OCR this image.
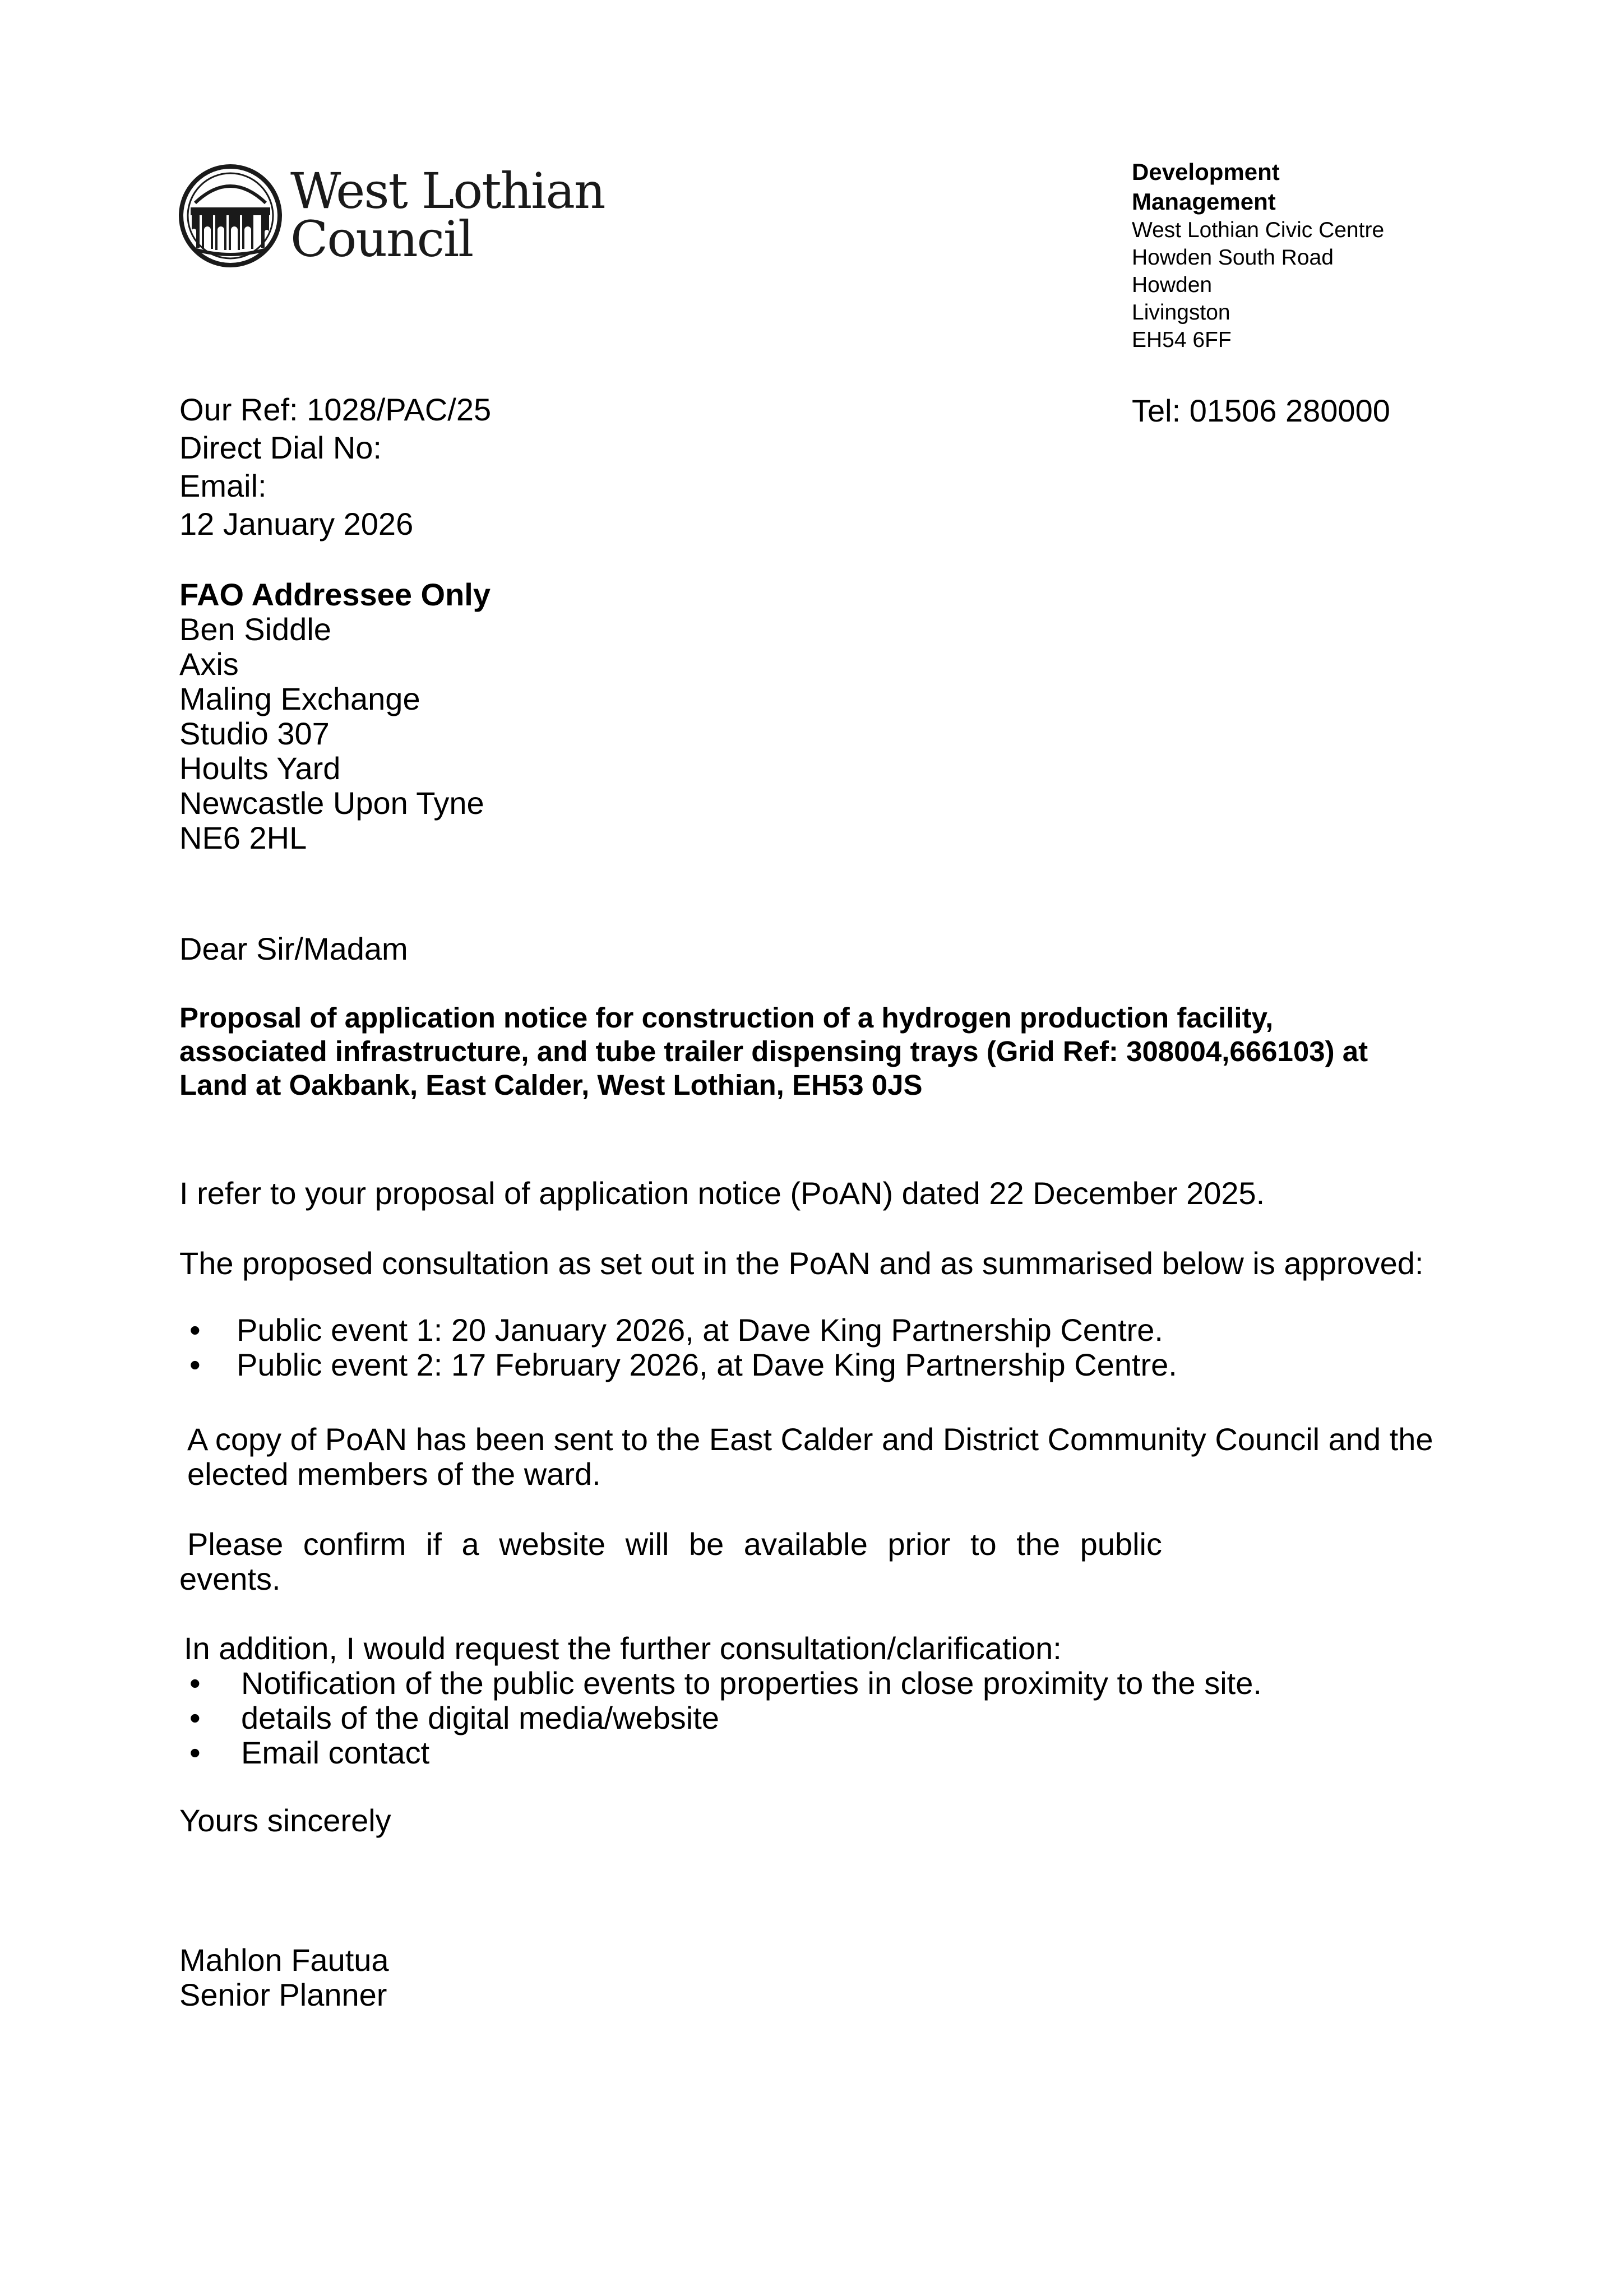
West Lothian
Council
Development
Management
West Lothian Civic Centre
Howden South Road
Howden
Livingston
EH54 6FF
Tel: 01506 280000
Our Ref: 1028/PAC/25
Direct Dial No:
Email:
12 January 2026
FAO Addressee Only
Ben Siddle
Axis
Maling Exchange
Studio 307
Hoults Yard
Newcastle Upon Tyne
NE6 2HL
Dear Sir/Madam
Proposal of application notice for construction of a hydrogen production facility,
associated infrastructure, and tube trailer dispensing trays (Grid Ref: 308004,666103) at
Land at Oakbank, East Calder, West Lothian, EH53 0JS
I refer to your proposal of application notice (PoAN) dated 22 December 2025.
The proposed consultation as set out in the PoAN and as summarised below is approved:
• Public event 1: 20 January 2026, at Dave King Partnership Centre.
• Public event 2: 17 February 2026, at Dave King Partnership Centre.
A copy of PoAN has been sent to the East Calder and District Community Council and the
elected members of the ward.
Please confirm if a website will be available prior to the public
events.
In addition, I would request the further consultation/clarification:
• Notification of the public events to properties in close proximity to the site.
• details of the digital media/website
• Email contact
Yours sincerely
Mahlon Fautua
Senior Planner
